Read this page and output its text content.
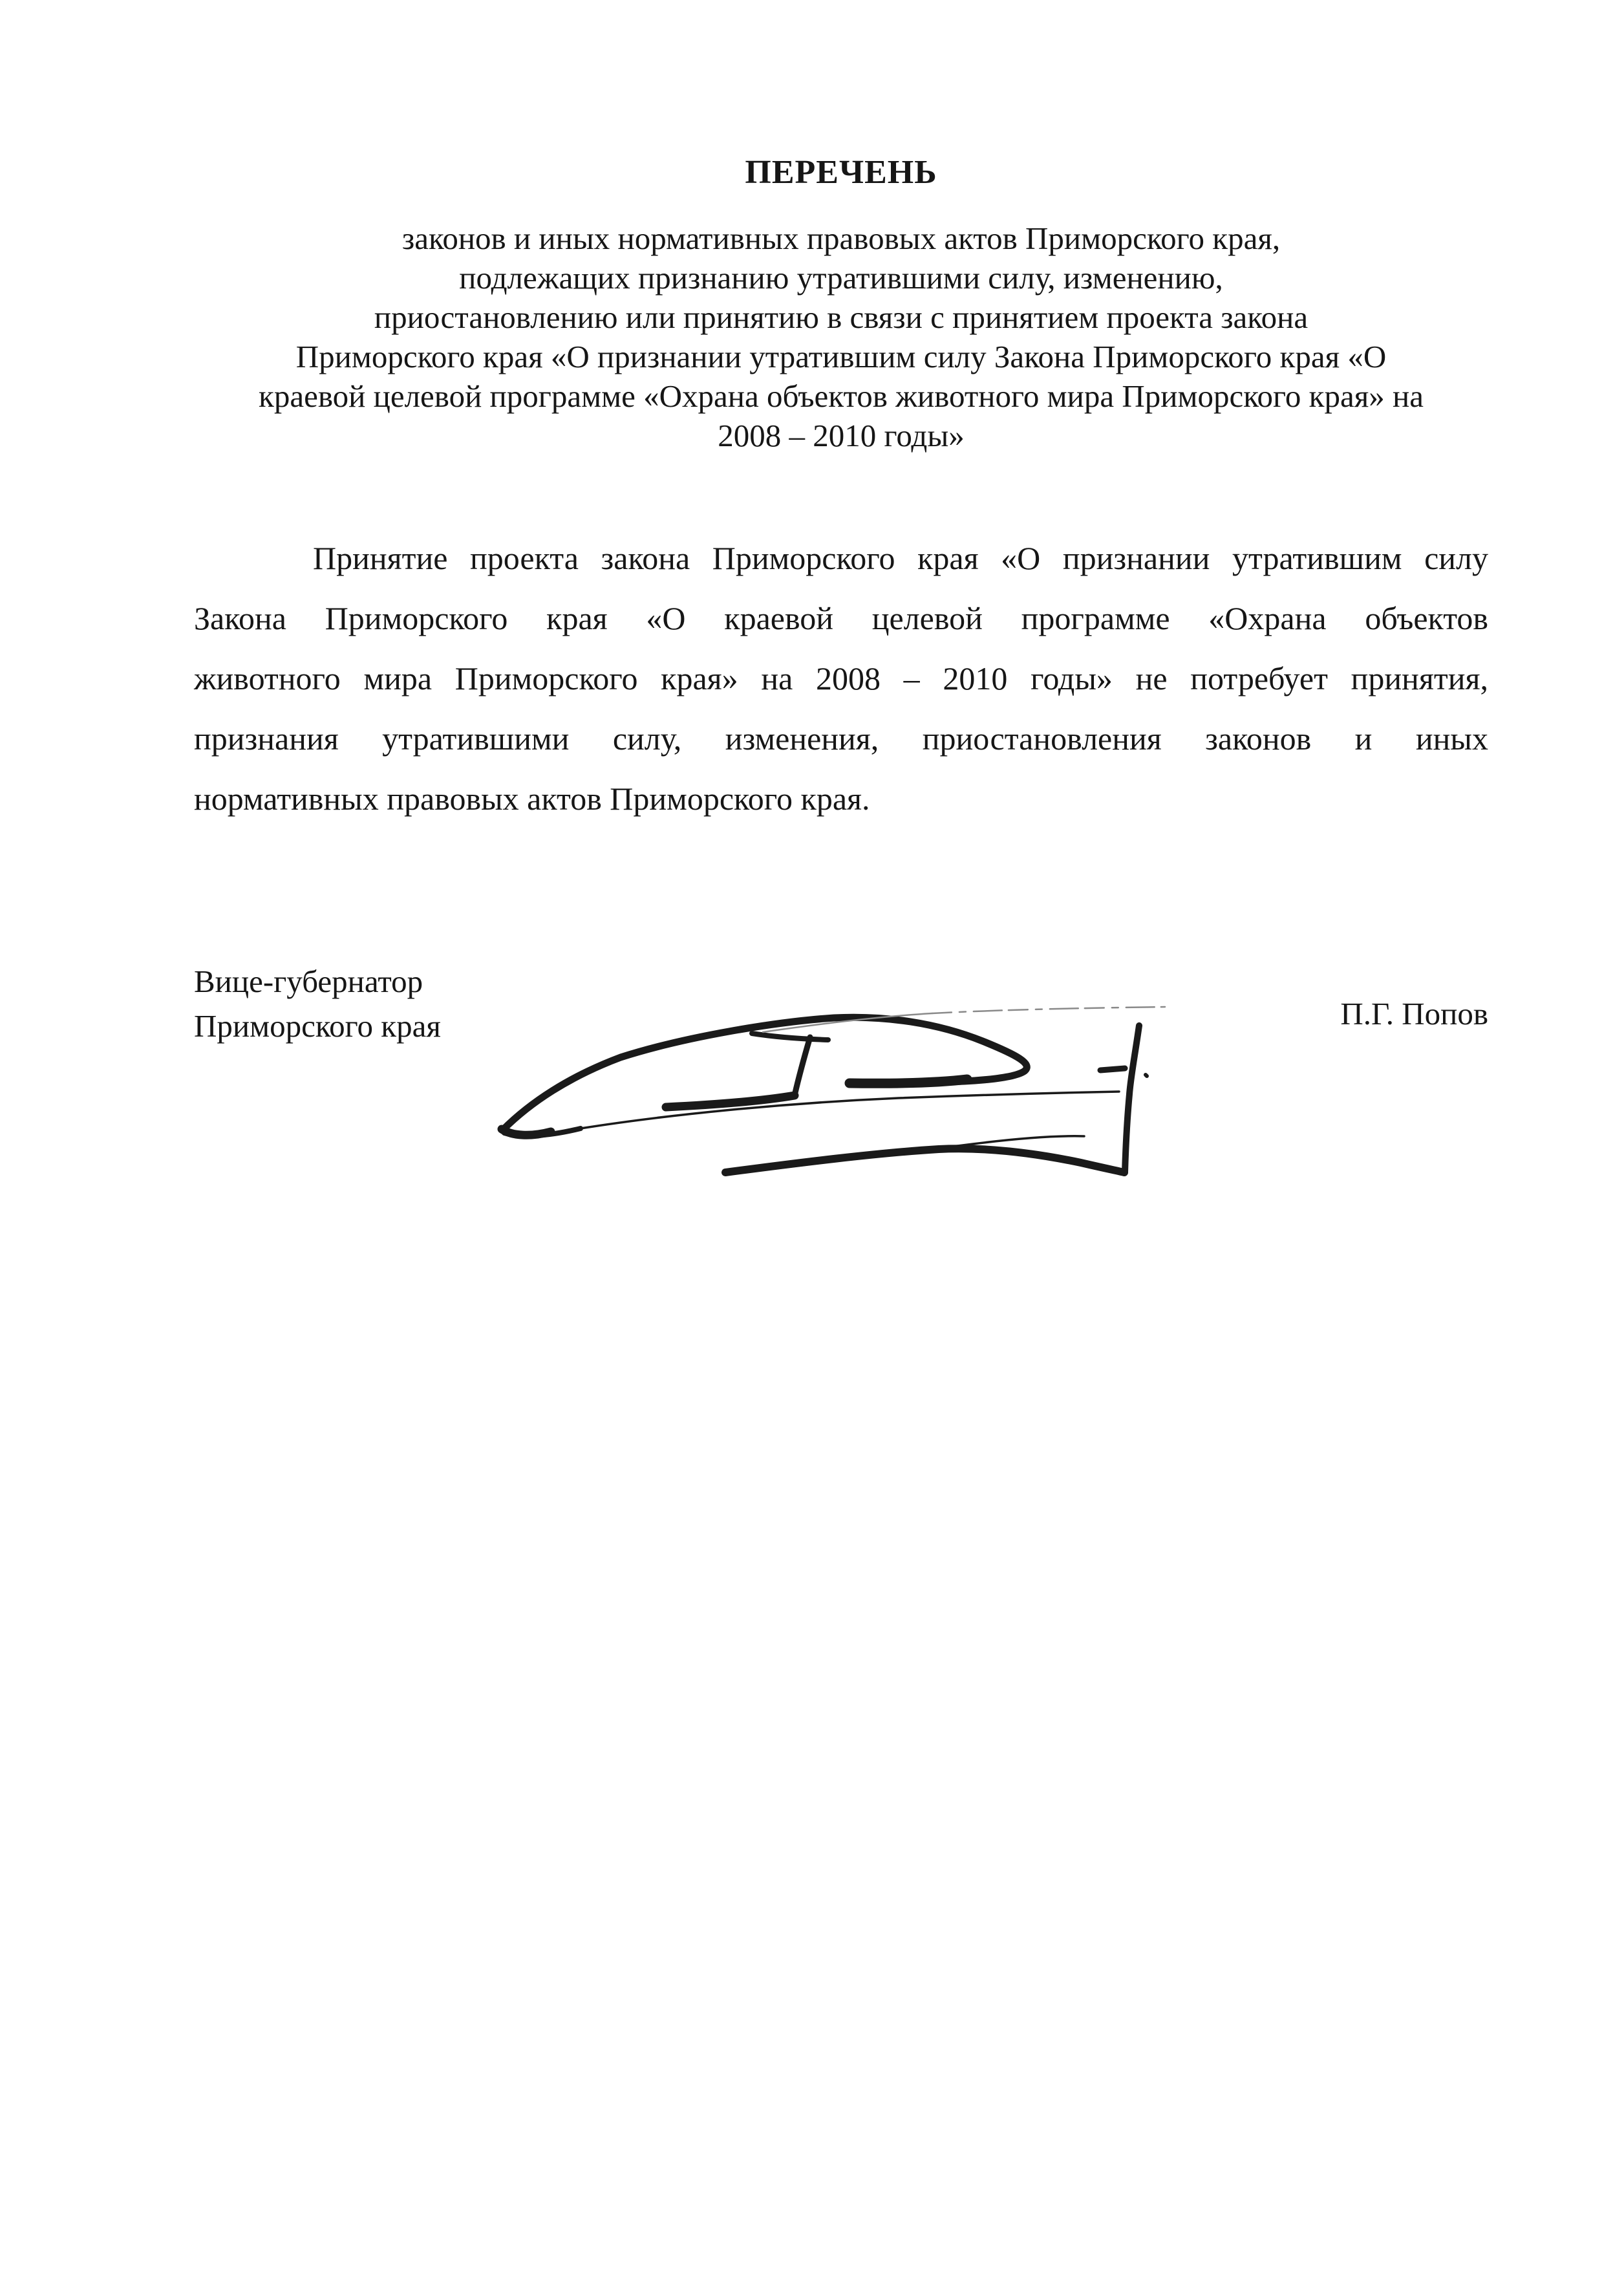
ПЕРЕЧЕНЬ
законов и иных нормативных правовых актов Приморского края,
подлежащих признанию утратившими силу, изменению,
приостановлению или принятию в связи с принятием проекта закона
Приморского края «О признании утратившим силу Закона Приморского края «О
краевой целевой программе «Охрана объектов животного мира Приморского края» на
2008 – 2010 годы»
Принятие проекта закона Приморского края «О признании утратившим силу
Закона Приморского края «О краевой целевой программе «Охрана объектов
животного мира Приморского края» на 2008 – 2010 годы» не потребует принятия,
признания утратившими силу, изменения, приостановления законов и иных
нормативных правовых актов Приморского края.
Вице-губернатор
Приморского края	П.Г. Попов
